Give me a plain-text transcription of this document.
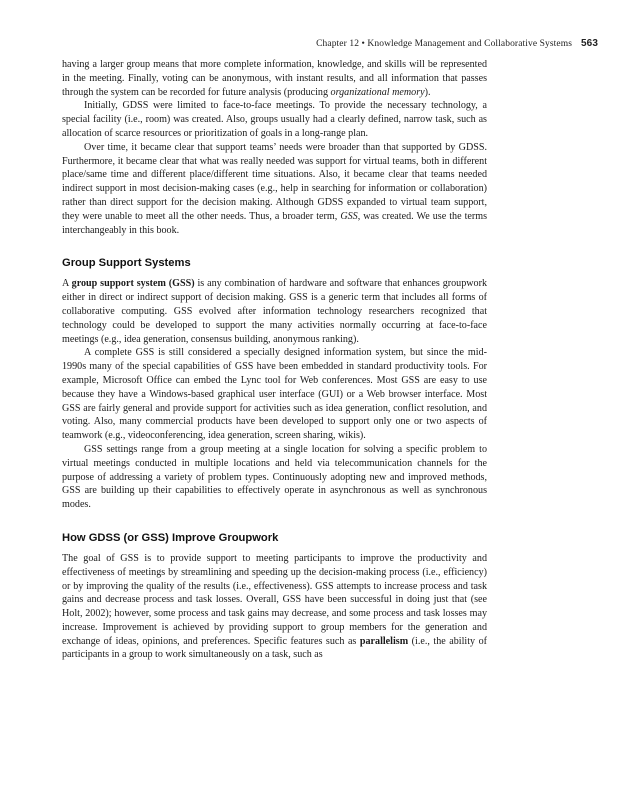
Chapter 12 • Knowledge Management and Collaborative Systems 563

having a larger group means that more complete information, knowledge, and skills will be represented in the meeting. Finally, voting can be anonymous, with instant results, and all information that passes through the system can be recorded for future analysis (producing organizational memory).

Initially, GDSS were limited to face-to-face meetings. To provide the necessary technology, a special facility (i.e., room) was created. Also, groups usually had a clearly defined, narrow task, such as allocation of scarce resources or prioritization of goals in a long-range plan.

Over time, it became clear that support teams’ needs were broader than that supported by GDSS. Furthermore, it became clear that what was really needed was support for virtual teams, both in different place/same time and different place/different time situations. Also, it became clear that teams needed indirect support in most decision-making cases (e.g., help in searching for information or collaboration) rather than direct support for the decision making. Although GDSS expanded to virtual team support, they were unable to meet all the other needs. Thus, a broader term, GSS, was created. We use the terms interchangeably in this book.

Group Support Systems

A group support system (GSS) is any combination of hardware and software that enhances groupwork either in direct or indirect support of decision making. GSS is a generic term that includes all forms of collaborative computing. GSS evolved after information technology researchers recognized that technology could be developed to support the many activities normally occurring at face-to-face meetings (e.g., idea generation, consensus building, anonymous ranking).

A complete GSS is still considered a specially designed information system, but since the mid-1990s many of the special capabilities of GSS have been embedded in standard productivity tools. For example, Microsoft Office can embed the Lync tool for Web conferences. Most GSS are easy to use because they have a Windows-based graphical user interface (GUI) or a Web browser interface. Most GSS are fairly general and provide support for activities such as idea generation, conflict resolution, and voting. Also, many commercial products have been developed to support only one or two aspects of teamwork (e.g., videoconferencing, idea generation, screen sharing, wikis).

GSS settings range from a group meeting at a single location for solving a specific problem to virtual meetings conducted in multiple locations and held via telecommunication channels for the purpose of addressing a variety of problem types. Continuously adopting new and improved methods, GSS are building up their capabilities to effectively operate in asynchronous as well as synchronous modes.

How GDSS (or GSS) Improve Groupwork

The goal of GSS is to provide support to meeting participants to improve the productivity and effectiveness of meetings by streamlining and speeding up the decision-making process (i.e., efficiency) or by improving the quality of the results (i.e., effectiveness). GSS attempts to increase process and task gains and decrease process and task losses. Overall, GSS have been successful in doing just that (see Holt, 2002); however, some process and task gains may decrease, and some process and task losses may increase. Improvement is achieved by providing support to group members for the generation and exchange of ideas, opinions, and preferences. Specific features such as parallelism (i.e., the ability of participants in a group to work simultaneously on a task, such as
